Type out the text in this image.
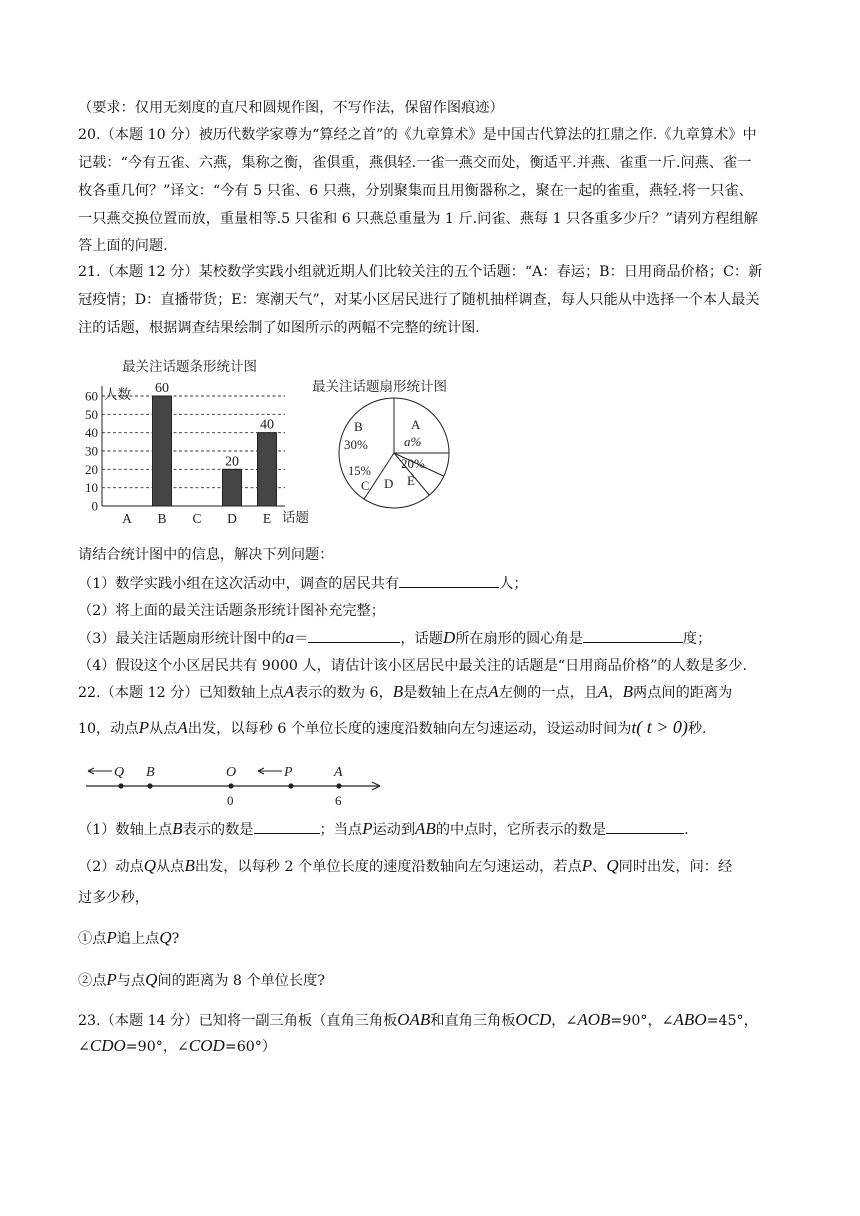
（要求：仅用无刻度的直尺和圆规作图，不写作法，保留作图痕迹）
20.（本题 10 分）被历代数学家尊为“算经之首”的《九章算术》是中国古代算法的扛鼎之作.《九章算术》中
记载：“今有五雀、六燕，集称之衡，雀俱重，燕俱轻.一雀一燕交而处，衡适平.并燕、雀重一斤.问燕、雀一
枚各重几何？”译文：“今有 5 只雀、6 只燕，分别聚集而且用衡器称之，聚在一起的雀重，燕轻.将一只雀、
一只燕交换位置而放，重量相等.5 只雀和 6 只燕总重量为 1 斤.问雀、燕每 1 只各重多少斤？”请列方程组解
答上面的问题.
21.（本题 12 分）某校数学实践小组就近期人们比较关注的五个话题：“A：春运；B：日用商品价格；C：新
冠疫情；D：直播带货；E：寒潮天气”，对某小区居民进行了随机抽样调查，每人只能从中选择一个本人最关
注的话题，根据调查结果绘制了如图所示的两幅不完整的统计图.
最关注话题条形统计图
人数
60
50
40
30
20
10
0
60
20
40
A B C D E 话题
最关注话题扇形统计图
B
30%
A
a%
15%
C D
20%
E
请结合统计图中的信息，解决下列问题：
（1）数学实践小组在这次活动中，调查的居民共有	人；
（2）将上面的最关注话题条形统计图补充完整；
（3）最关注话题扇形统计图中的a＝	，话题D所在扇形的圆心角是	度；
（4）假设这个小区居民共有 9000 人，请估计该小区居民中最关注的话题是“日用商品价格”的人数是多少.
22.（本题 12 分）已知数轴上点A表示的数为 6，B是数轴上在点A左侧的一点，且A，B两点间的距离为
10，动点P从点A出发，以每秒 6 个单位长度的速度沿数轴向左匀速运动，设运动时间为t( t > 0)秒.
Q B	O	P	A
0	6
（1）数轴上点B表示的数是	；当点P运动到AB的中点时，它所表示的数是	.
（2）动点Q从点B出发，以每秒 2 个单位长度的速度沿数轴向左匀速运动，若点P、Q同时出发，问：经
过多少秒，
①点P追上点Q?
②点P与点Q间的距离为 8 个单位长度?
23.（本题 14 分）已知将一副三角板（直角三角板OAB和直角三角板OCD，∠AOB=90°，∠ABO=45°，
∠CDO=90°，∠COD=60°）
